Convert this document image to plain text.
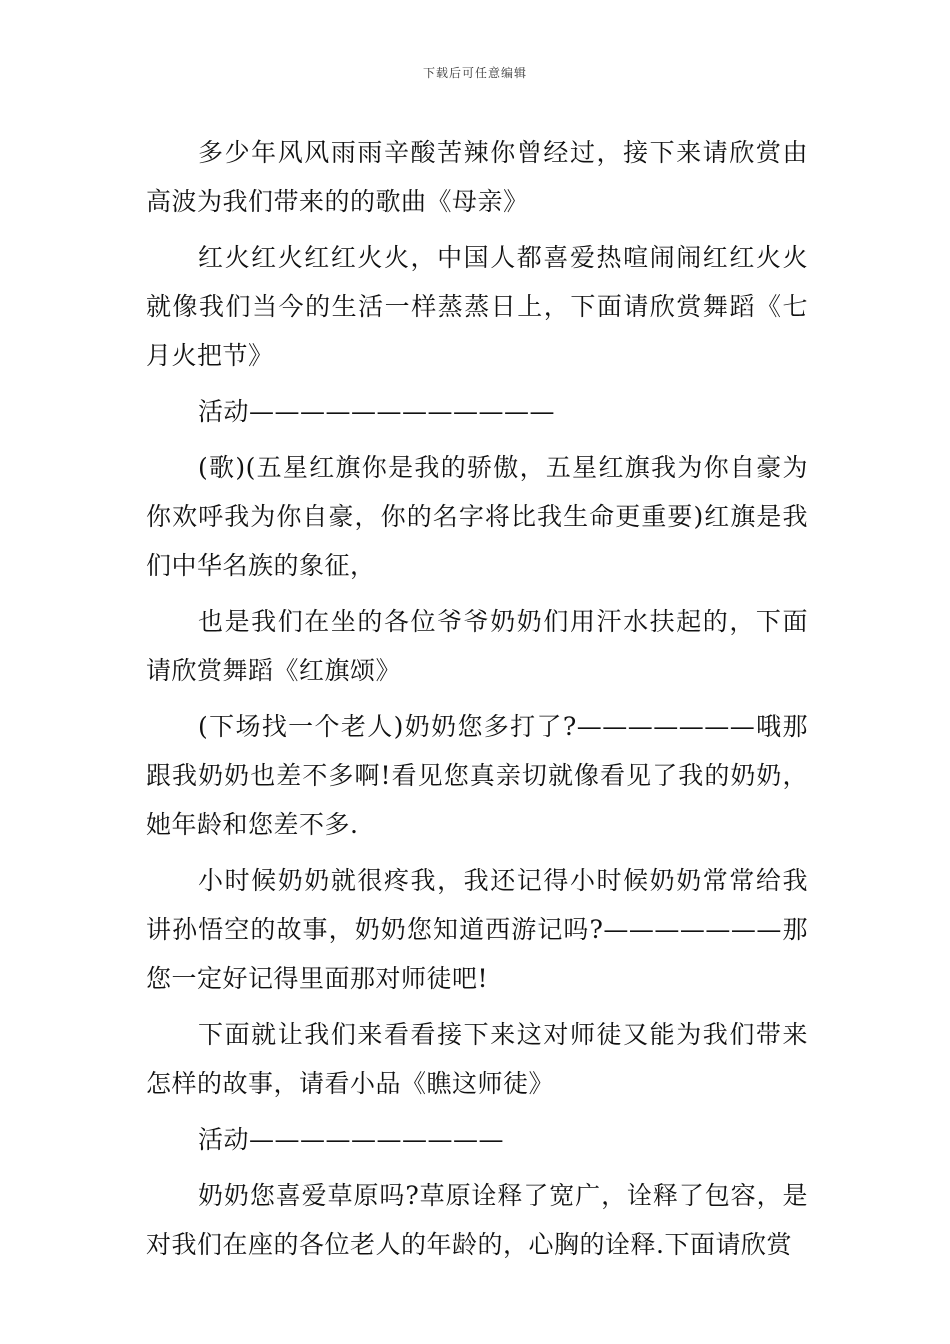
下载后可任意编辑

多少年风风雨雨辛酸苦辣你曾经过，接下来请欣赏由高波为我们带来的的歌曲《母亲》

红火红火红红火火，中国人都喜爱热喧闹闹红红火火就像我们当今的生活一样蒸蒸日上，下面请欣赏舞蹈《七月火把节》

活动————————————

(歌)(五星红旗你是我的骄傲，五星红旗我为你自豪为你欢呼我为你自豪，你的名字将比我生命更重要)红旗是我们中华名族的象征，

也是我们在坐的各位爷爷奶奶们用汗水扶起的，下面请欣赏舞蹈《红旗颂》

(下场找一个老人)奶奶您多打了?———————哦那跟我奶奶也差不多啊!看见您真亲切就像看见了我的奶奶，她年龄和您差不多.

小时候奶奶就很疼我，我还记得小时候奶奶常常给我讲孙悟空的故事，奶奶您知道西游记吗?———————那您一定好记得里面那对师徒吧!

下面就让我们来看看接下来这对师徒又能为我们带来怎样的故事，请看小品《瞧这师徒》

活动——————————

奶奶您喜爱草原吗?草原诠释了宽广，诠释了包容，是对我们在座的各位老人的年龄的，心胸的诠释.下面请欣赏
